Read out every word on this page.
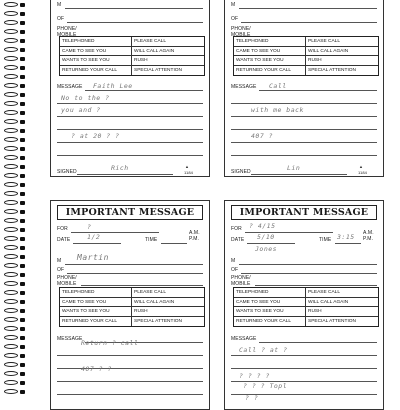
M
OF
PHONE/
MOBILE
TELEPHONED	PLEASE CALL
CAME TO SEE YOU	WILL CALL AGAIN
WANTS TO SEE YOU	RUSH
RETURNED YOUR CALL	SPECIAL ATTENTION
MESSAGE Faith Lee
No to the ?
you and ?
? at 20 ? ?
SIGNED	Rich	▲
1184
M
OF
PHONE/
MOBILE
TELEPHONED	PLEASE CALL
CAME TO SEE YOU	WILL CALL AGAIN
WANTS TO SEE YOU	RUSH
RETURNED YOUR CALL	SPECIAL ATTENTION
MESSAGE Call
with me back
407 ?
SIGNED	Lin	▲
1184
IMPORTANT MESSAGE
FOR	?
A.M.
DATE	1/2	TIME	P.M.
M Martin
OF
PHONE/
MOBILE
TELEPHONED	PLEASE CALL
CAME TO SEE YOU	WILL CALL AGAIN
WANTS TO SEE YOU	RUSH
RETURNED YOUR CALL	SPECIAL ATTENTION
MESSAGE
Return ? call
407 ? ?
IMPORTANT MESSAGE
FOR ? 4/15
A.M.
DATE 5/10	TIME 3:15 P.M.
M
Jones
OF
PHONE/
MOBILE
TELEPHONED	PLEASE CALL
CAME TO SEE YOU	WILL CALL AGAIN
WANTS TO SEE YOU	RUSH
RETURNED YOUR CALL	SPECIAL ATTENTION
MESSAGE
Call ? at ?
? ? ? ?
? ? ? Topl
? ?
